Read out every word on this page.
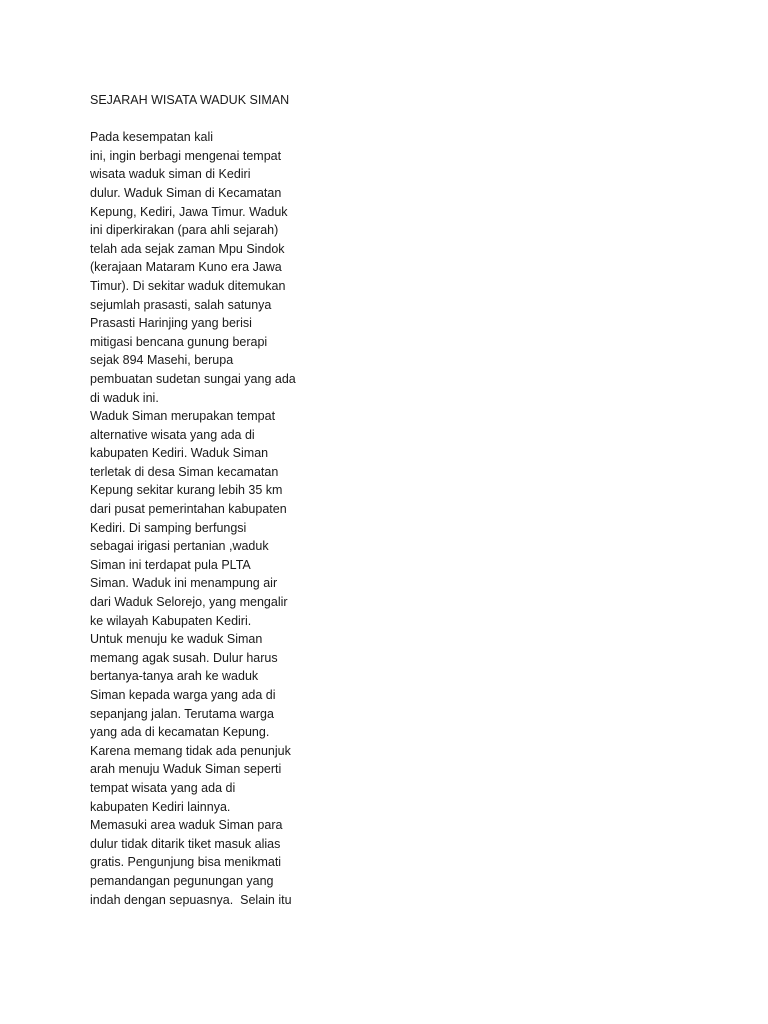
SEJARAH WISATA WADUK SIMAN
Pada kesempatan kali
ini, ingin berbagi mengenai tempat
wisata waduk siman di Kediri
dulur. Waduk Siman di Kecamatan
Kepung, Kediri, Jawa Timur. Waduk
ini diperkirakan (para ahli sejarah)
telah ada sejak zaman Mpu Sindok
(kerajaan Mataram Kuno era Jawa
Timur). Di sekitar waduk ditemukan
sejumlah prasasti, salah satunya
Prasasti Harinjing yang berisi
mitigasi bencana gunung berapi
sejak 894 Masehi, berupa
pembuatan sudetan sungai yang ada
di waduk ini.
Waduk Siman merupakan tempat
alternative wisata yang ada di
kabupaten Kediri. Waduk Siman
terletak di desa Siman kecamatan
Kepung sekitar kurang lebih 35 km
dari pusat pemerintahan kabupaten
Kediri. Di samping berfungsi
sebagai irigasi pertanian ,waduk
Siman ini terdapat pula PLTA
Siman. Waduk ini menampung air
dari Waduk Selorejo, yang mengalir
ke wilayah Kabupaten Kediri.
Untuk menuju ke waduk Siman
memang agak susah. Dulur harus
bertanya-tanya arah ke waduk
Siman kepada warga yang ada di
sepanjang jalan. Terutama warga
yang ada di kecamatan Kepung.
Karena memang tidak ada penunjuk
arah menuju Waduk Siman seperti
tempat wisata yang ada di
kabupaten Kediri lainnya.
Memasuki area waduk Siman para
dulur tidak ditarik tiket masuk alias
gratis. Pengunjung bisa menikmati
pemandangan pegunungan yang
indah dengan sepuasnya.  Selain itu
